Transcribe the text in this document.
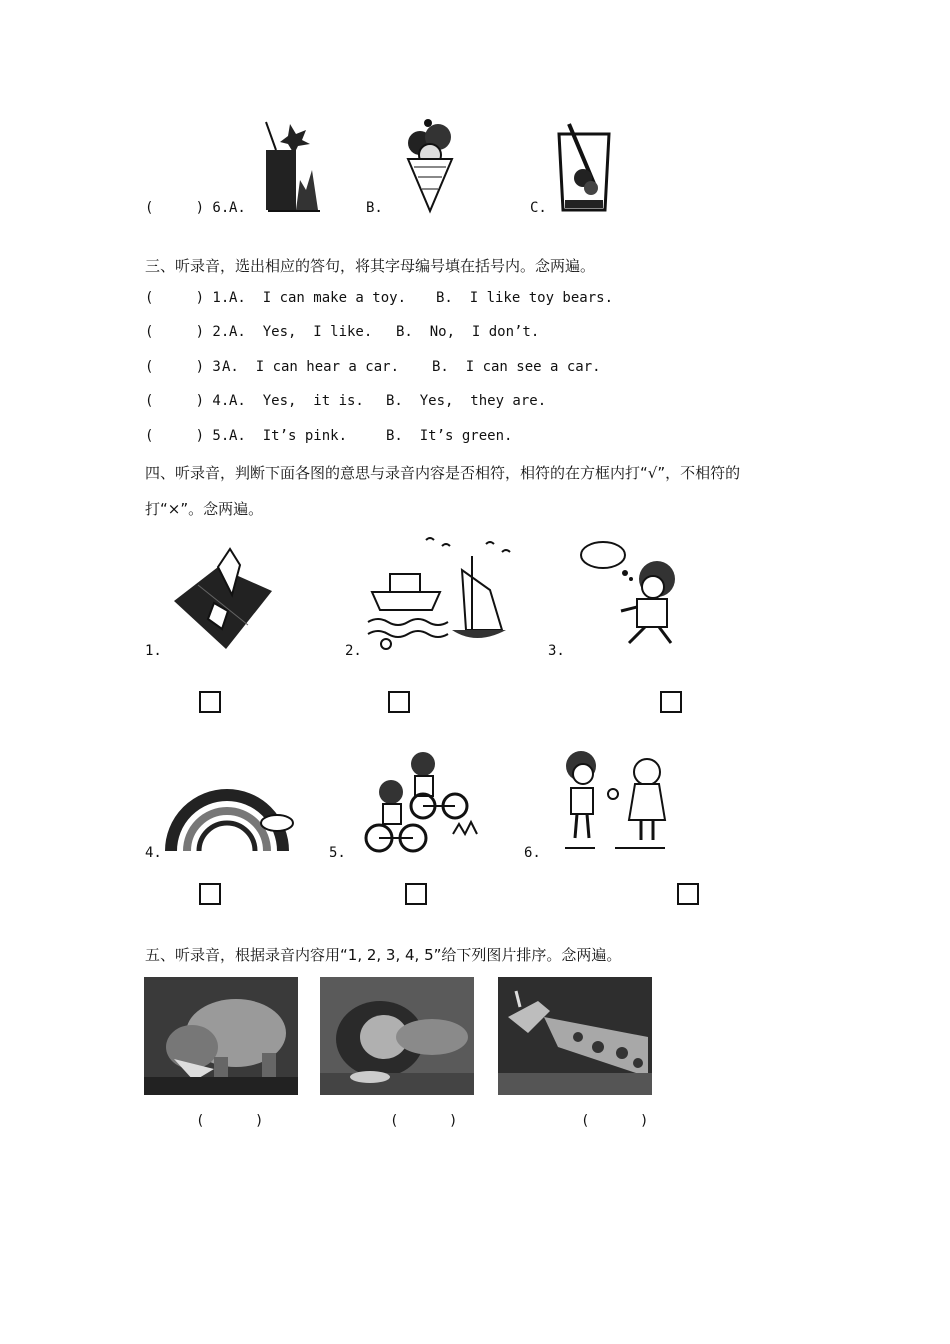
(     ) 6. A.	B.	C.
三、听录音，选出相应的答句，将其字母编号填在括号内。念两遍。
(     ) 1. A.  I can make a toy. B.  I like toy bears.
(     ) 2. A.  Yes,  I like. B.  No,  I don’t.
(     ) 3 A.  I can hear a car. B.  I can see a car.
(     ) 4. A.  Yes,  it is. B.  Yes,  they are.
(     ) 5. A.  It’s pink.	B.  It’s green.
四、听录音，判断下面各图的意思与录音内容是否相符，相符的在方框内打“√”，不相符的
打“×”。念两遍。
1.	2.	3.
4.	5.	6.
五、听录音，根据录音内容用“1, 2, 3, 4, 5”给下列图片排序。念两遍。
(      )	(      )	(      )
